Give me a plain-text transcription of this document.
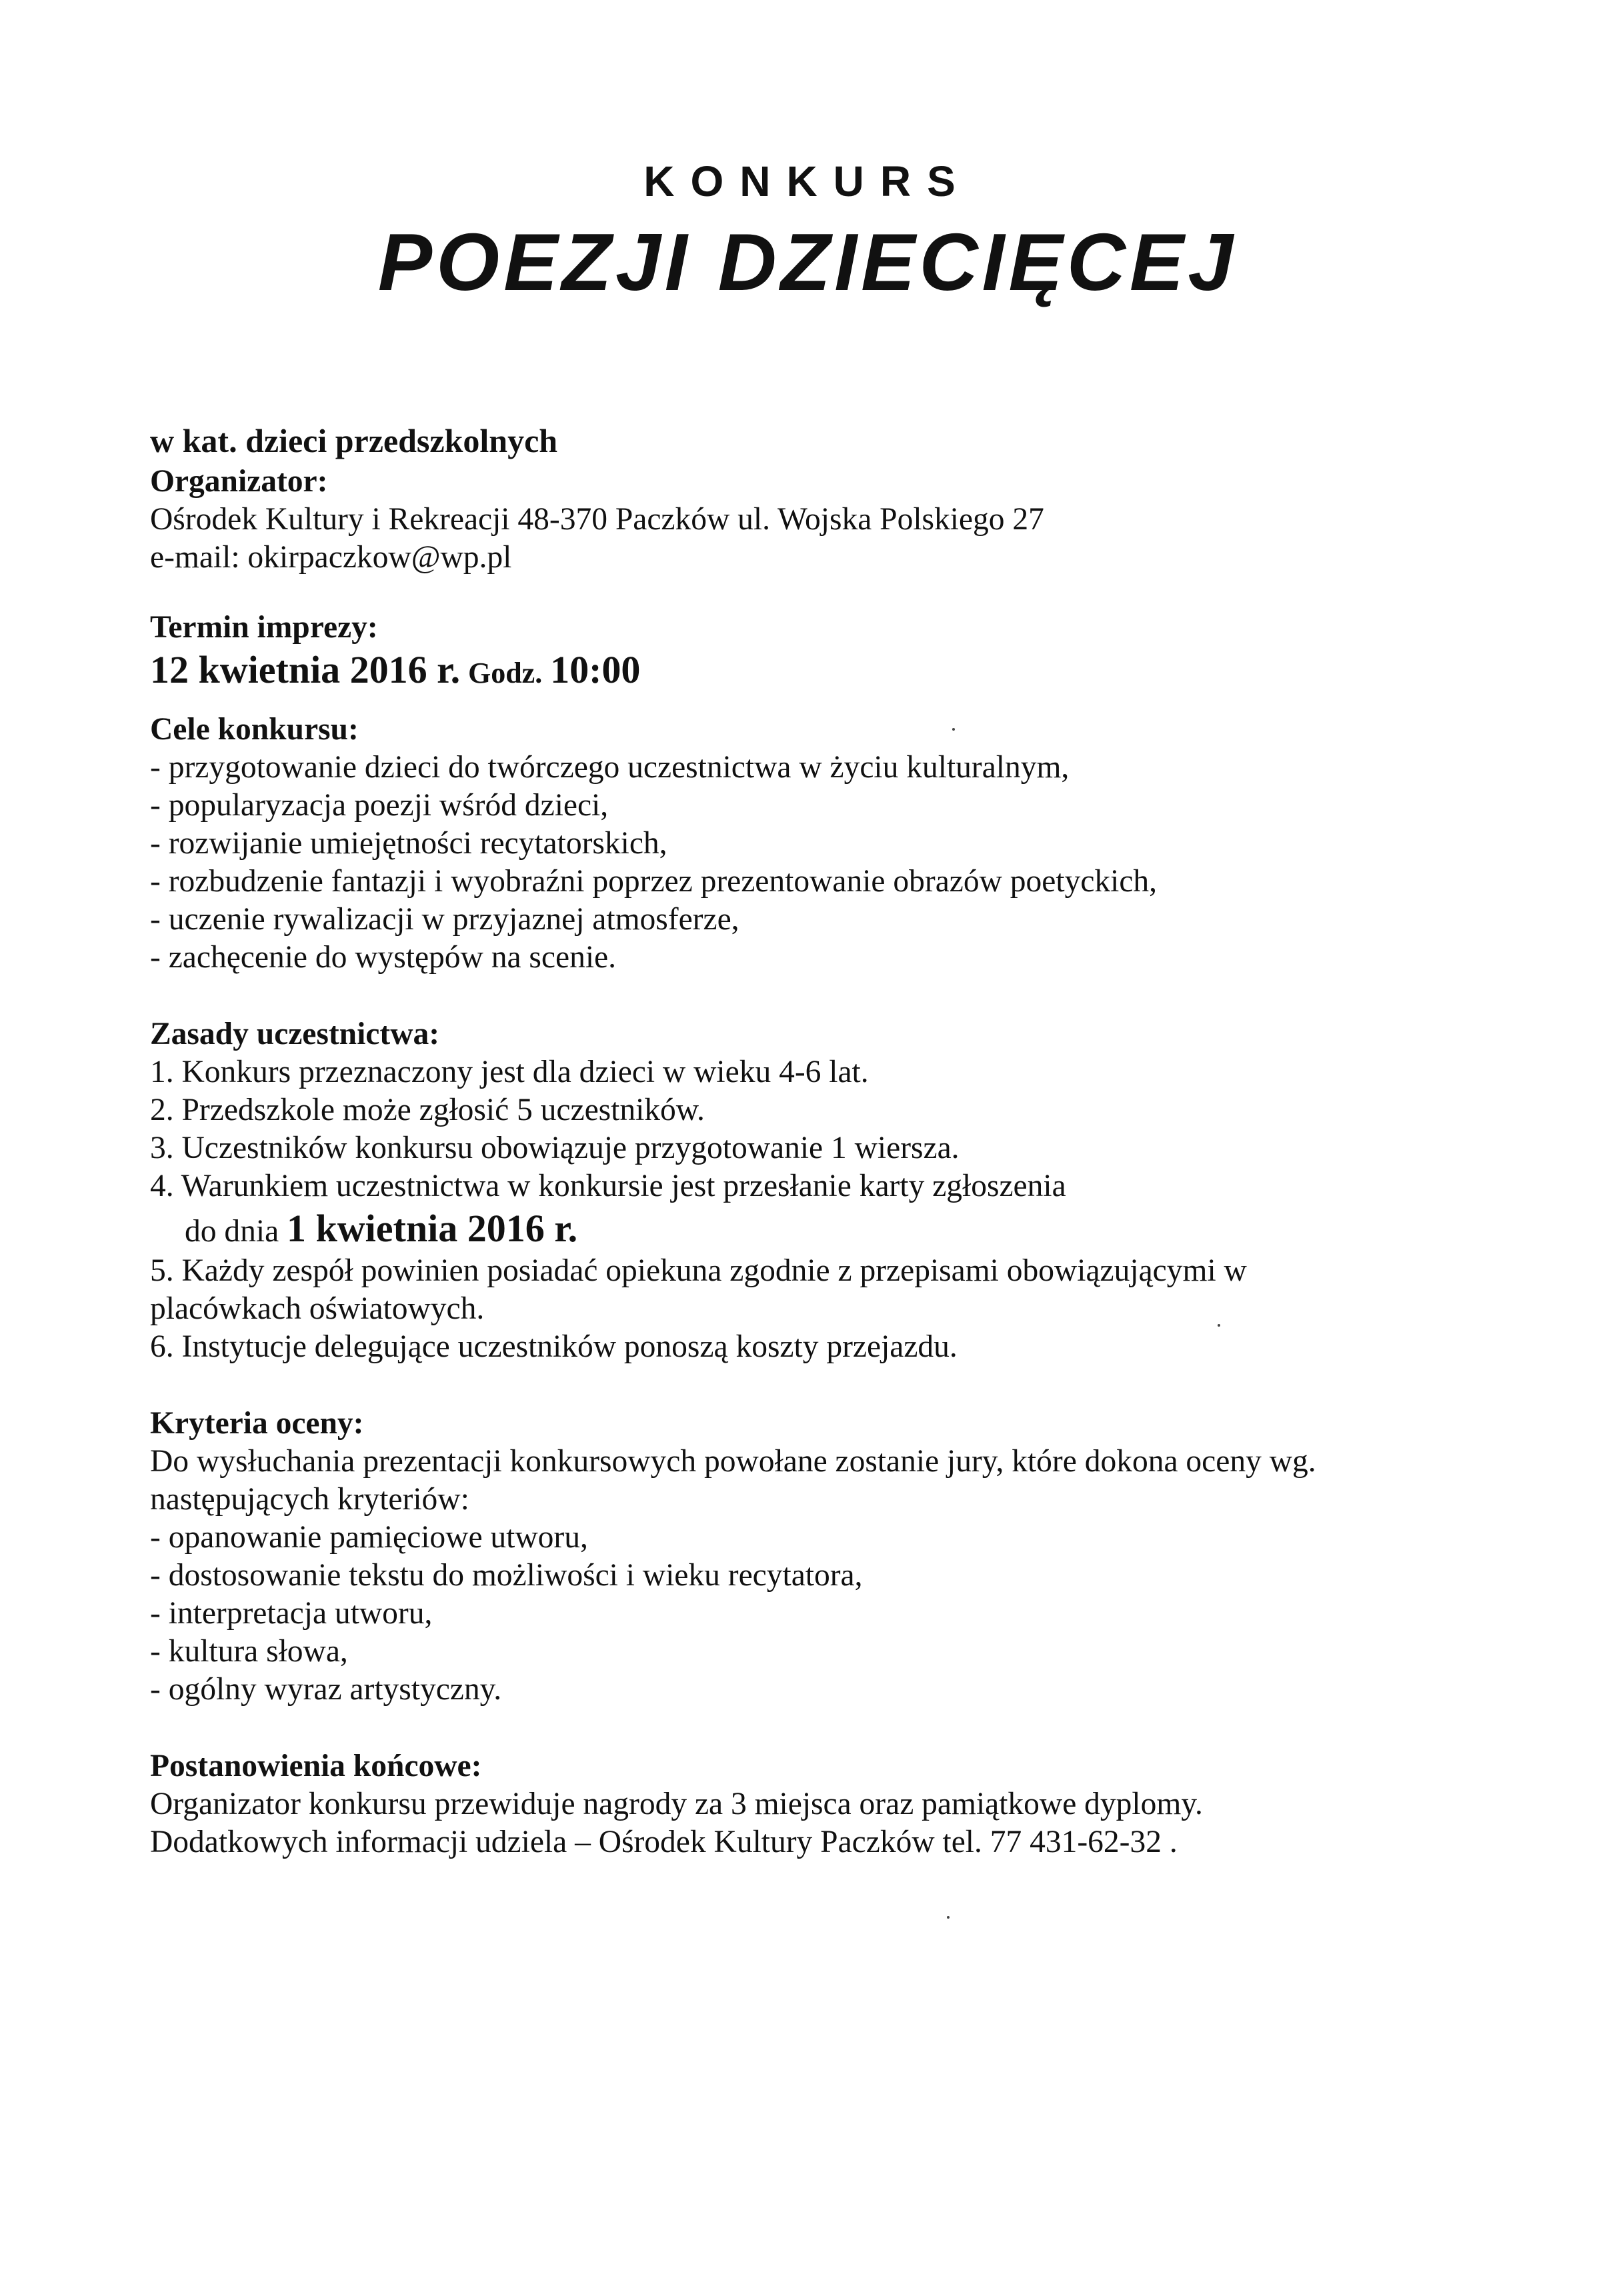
KONKURS
POEZJI DZIECIĘCEJ
w kat. dzieci przedszkolnych
Organizator:
Ośrodek Kultury i Rekreacji 48-370 Paczków ul. Wojska Polskiego 27
e-mail: okirpaczkow@wp.pl
Termin imprezy:
12 kwietnia 2016 r. Godz. 10:00
Cele konkursu:
- przygotowanie dzieci do twórczego uczestnictwa w życiu kulturalnym,
- popularyzacja poezji wśród dzieci,
- rozwijanie umiejętności recytatorskich,
- rozbudzenie fantazji i wyobraźni poprzez prezentowanie obrazów poetyckich,
- uczenie rywalizacji w przyjaznej atmosferze,
- zachęcenie do występów na scenie.
Zasady uczestnictwa:
1. Konkurs przeznaczony jest dla dzieci w wieku 4-6 lat.
2. Przedszkole może zgłosić 5 uczestników.
3. Uczestników konkursu obowiązuje przygotowanie 1 wiersza.
4. Warunkiem uczestnictwa w konkursie jest przesłanie karty zgłoszenia
do dnia 1 kwietnia 2016 r.
5. Każdy zespół powinien posiadać opiekuna zgodnie z przepisami obowiązującymi w
placówkach oświatowych.
6. Instytucje delegujące uczestników ponoszą koszty przejazdu.
Kryteria oceny:
Do wysłuchania prezentacji konkursowych powołane zostanie jury, które dokona oceny wg.
następujących kryteriów:
- opanowanie pamięciowe utworu,
- dostosowanie tekstu do możliwości i wieku recytatora,
- interpretacja utworu,
- kultura słowa,
- ogólny wyraz artystyczny.
Postanowienia końcowe:
Organizator konkursu przewiduje nagrody za 3 miejsca oraz pamiątkowe dyplomy.
Dodatkowych informacji udziela – Ośrodek Kultury Paczków tel. 77 431-62-32 .
